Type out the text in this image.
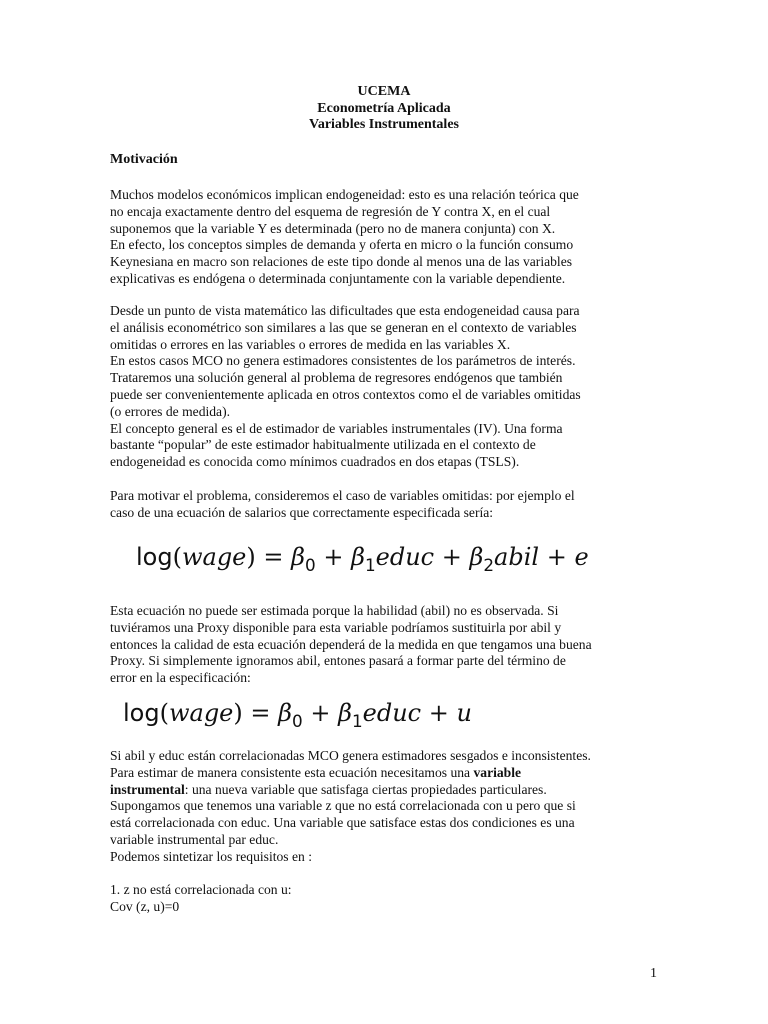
UCEMA
Econometría Aplicada
Variables Instrumentales
Motivación
Muchos modelos económicos implican endogeneidad: esto es una relación teórica que
no encaja exactamente dentro del esquema de regresión de Y contra X, en el cual
suponemos que la variable Y es determinada (pero no de manera conjunta) con X.
En efecto, los conceptos simples de demanda y oferta en micro o la función consumo
Keynesiana en macro son relaciones de este tipo donde al menos una de las variables
explicativas es endógena o determinada conjuntamente con la variable dependiente.
Desde un punto de vista matemático las dificultades que esta endogeneidad causa para
el análisis econométrico son similares a las que se generan en el contexto de variables
omitidas o errores en las variables o errores de medida en las variables X.
En estos casos MCO no genera estimadores consistentes de los parámetros de interés.
Trataremos una solución general al problema de regresores endógenos que también
puede ser convenientemente aplicada en otros contextos como el de variables omitidas
(o errores de medida).
El concepto general es el de estimador de variables instrumentales (IV). Una forma
bastante “popular” de este estimador habitualmente utilizada en el contexto de
endogeneidad es conocida como mínimos cuadrados en dos etapas (TSLS).
Para motivar el problema, consideremos el caso de variables omitidas: por ejemplo el
caso de una ecuación de salarios que correctamente especificada sería:
log(wage) = $\beta_0$ + $\beta_1educ$ + $\beta_2abil + e$
Esta ecuación no puede ser estimada porque la habilidad (abil) no es observada. Si
tuviéramos una Proxy disponible para esta variable podríamos sustituirla por abil y
entonces la calidad de esta ecuación dependerá de la medida en que tengamos una buena
Proxy. Si simplemente ignoramos abil, entones pasará a formar parte del término de
error en la especificación:
log(wage) = $\beta_0$ + $\beta_1educ + u$
Si abil y educ están correlacionadas MCO genera estimadores sesgados e inconsistentes.
Para estimar de manera consistente esta ecuación necesitamos una variable
instrumental: una nueva variable que satisfaga ciertas propiedades particulares.
Supongamos que tenemos una variable z que no está correlacionada con u pero que si
está correlacionada con educ. Una variable que satisface estas dos condiciones es una
variable instrumental par educ.
Podemos sintetizar los requisitos en :
1. z no está correlacionada con u:
Cov (z, u)=0
1
